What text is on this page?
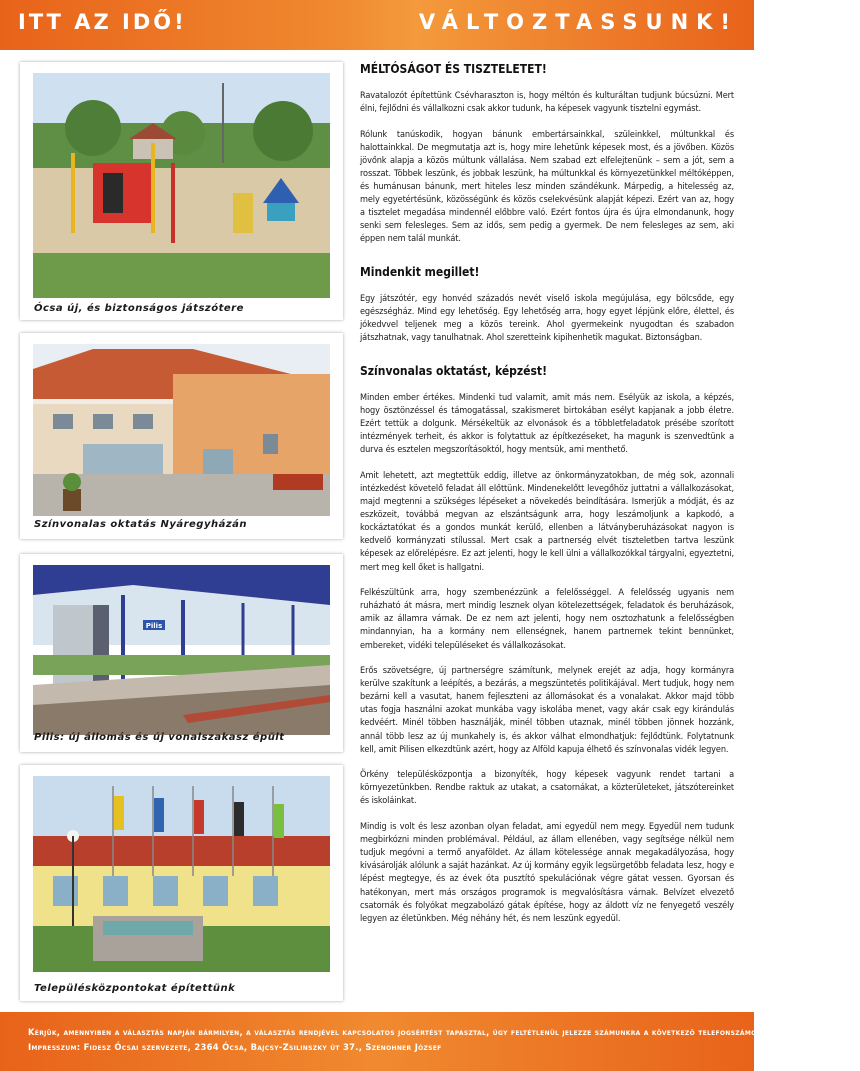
ITT AZ IDŐ!	VÁLTOZTASSUNK!
Ócsa új, és biztonságos játszótere
Színvonalas oktatás Nyáregyházán
Pilis
Pilis: új állomás és új vonalszakasz épült
Településközpontokat építettünk
MÉLTÓSÁGOT ÉS TISZTELETET!

Ravatalozót építettünk Csévharaszton is, hogy méltón és kulturáltan tudjunk búcsúzni. Mert élni, fejlődni és vállalkozni csak akkor tudunk, ha képesek vagyunk tisztelni egymást.

Rólunk tanúskodik, hogyan bánunk embertársainkkal, szüleinkkel, múltunkkal és halottainkkal. De megmutatja azt is, hogy mire lehetünk képesek most, és a jövőben. Közös jövőnk alapja a közös múltunk vállalása. Nem szabad ezt elfelejtenünk – sem a jót, sem a rosszat. Többek leszünk, és jobbak leszünk, ha múltunkkal és környezetünkkel méltóképpen, és humánusan bánunk, mert hiteles lesz minden szándékunk. Márpedig, a hitelesség az, mely egyetértésünk, közösségünk és közös cselekvésünk alapját képezi. Ezért van az, hogy a tisztelet megadása mindennél előbbre való. Ezért fontos újra és újra elmondanunk, hogy senki sem felesleges. Sem az idős, sem pedig a gyermek. De nem felesleges az sem, aki éppen nem talál munkát.

Mindenkit megillet!

Egy játszótér, egy honvéd századós nevét viselő iskola megújulása, egy bölcsőde, egy egészségház. Mind egy lehetőség. Egy lehetőség arra, hogy egyet lépjünk előre, élettel, és jókedvvel teljenek meg a közös tereink. Ahol gyermekeink nyugodtan és szabadon játszhatnak, vagy tanulhatnak. Ahol szeretteink kipihenhetik magukat. Biztonságban.

Színvonalas oktatást, képzést!

Minden ember értékes. Mindenki tud valamit, amit más nem. Esélyük az iskola, a képzés, hogy ösztönzéssel és támogatással, szakismeret birtokában esélyt kapjanak a jobb életre. Ezért tettük a dolgunk. Mérsékeltük az elvonások és a többletfeladatok présébe szorított intézmények terheit, és akkor is folytattuk az építkezéseket, ha magunk is szenvedtünk a durva és esztelen megszorításoktól, hogy mentsük, ami menthető.

Amit lehetett, azt megtettük eddig, illetve az önkormányzatokban, de még sok, azonnali intézkedést követelő feladat áll előttünk. Mindenekelőtt levegőhöz juttatni a vállalkozásokat, majd megtenni a szükséges lépéseket a növekedés beindítására. Ismerjük a módját, és az eszközeit, továbbá megvan az elszántságunk arra, hogy leszámoljunk a kapkodó, a kockáztatókat és a gondos munkát kerülő, ellenben a látványberuházásokat nagyon is kedvelő kormányzati stílussal. Mert csak a partnerség elvét tiszteletben tartva leszünk képesek az előrelépésre. Ez azt jelenti, hogy le kell ülni a vállalkozókkal tárgyalni, egyeztetni, mert meg kell őket is hallgatni.

Felkészültünk arra, hogy szembenézzünk a felelősséggel. A felelősség ugyanis nem ruházható át másra, mert mindig lesznek olyan kötelezettségek, feladatok és beruházások, amik az államra várnak. De ez nem azt jelenti, hogy nem osztozhatunk a felelősségben mindannyian, ha a kormány nem ellenségnek, hanem partnernek tekint bennünket, embereket, vidéki településeket és vállalkozásokat.

Erős szövetségre, új partnerségre számítunk, melynek erejét az adja, hogy kormányra kerülve szakítunk a leépítés, a bezárás, a megszüntetés politikájával. Mert tudjuk, hogy nem bezárni kell a vasutat, hanem fejleszteni az állomásokat és a vonalakat. Akkor majd több utas fogja használni azokat munkába vagy iskolába menet, vagy akár csak egy kirándulás kedvéért. Minél többen használják, minél többen utaznak, minél többen jönnek hozzánk, annál több lesz az új munkahely is, és akkor válhat elmondhatjuk: fejlődtünk. Folytatnunk kell, amit Pilisen elkezdtünk azért, hogy az Alföld kapuja élhető és színvonalas vidék legyen.

Örkény településközpontja a bizonyíték, hogy képesek vagyunk rendet tartani a környezetünkben. Rendbe raktuk az utakat, a csatornákat, a közterületeket, játszótereinket és iskoláinkat.

Mindig is volt és lesz azonban olyan feladat, ami egyedül nem megy. Egyedül nem tudunk megbirkózni minden problémával. Például, az állam ellenében, vagy segítsége nélkül nem tudjuk megóvni a termő anyaföldet. Az állam kötelessége annak megakadályozása, hogy kivásárolják alólunk a saját hazánkat. Az új kormány egyik legsürgetőbb feladata lesz, hogy e lépést megtegye, és az évek óta pusztító spekulációnak végre gátat vessen. Gyorsan és hatékonyan, mert más országos programok is megvalósításra várnak. Belvízet elvezető csatornák és folyókat megzabolázó gátak építése, hogy az áldott víz ne fenyegető veszély legyen az életünkben. Még néhány hét, és nem leszünk egyedül.

Kérjük, amennyiben a választás napján bármilyen, a választás rendjével kapcsolatos jogsértést tapasztal, úgy feltétlenül jelezze számunkra a következő telefonszámon: 06 20 5743259
Impresszum: Fidesz Ócsai szervezete, 2364 Ócsa, Bajcsy-Zsilinszky út 37., Szenohner József
